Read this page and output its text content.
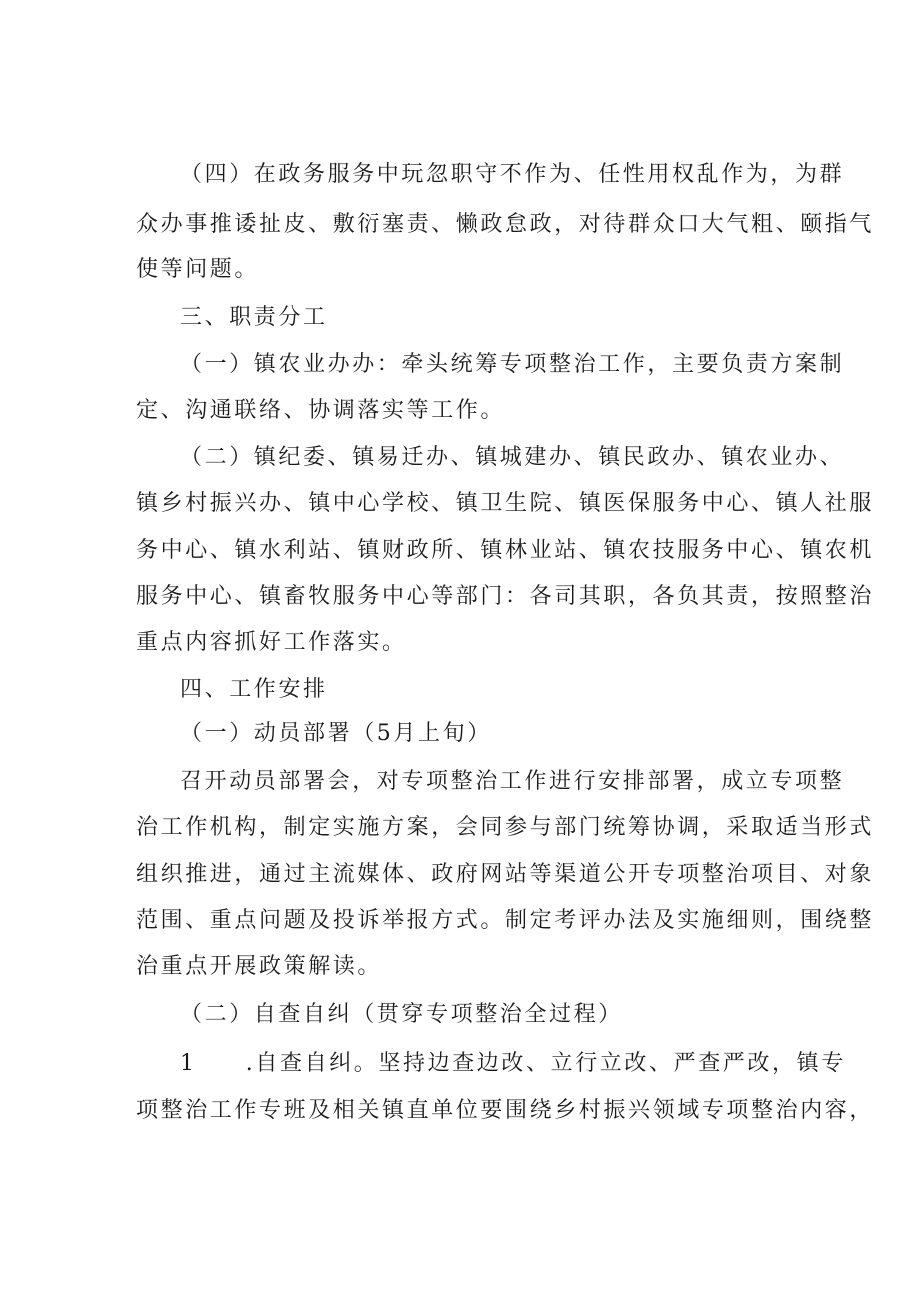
（四）在政务服务中玩忽职守不作为、任性用权乱作为，为群
众办事推诿扯皮、敷衍塞责、懒政怠政，对待群众口大气粗、颐指气
使等问题。
三、职责分工
（一）镇农业办办：牵头统筹专项整治工作，主要负责方案制
定、沟通联络、协调落实等工作。
（二）镇纪委、镇易迁办、镇城建办、镇民政办、镇农业办、
镇乡村振兴办、镇中心学校、镇卫生院、镇医保服务中心、镇人社服
务中心、镇水利站、镇财政所、镇林业站、镇农技服务中心、镇农机
服务中心、镇畜牧服务中心等部门：各司其职，各负其责，按照整治
重点内容抓好工作落实。
四、工作安排
（一）动员部署（5月上旬）
召开动员部署会，对专项整治工作进行安排部署，成立专项整
治工作机构，制定实施方案，会同参与部门统筹协调，采取适当形式
组织推进，通过主流媒体、政府网站等渠道公开专项整治项目、对象
范围、重点问题及投诉举报方式。制定考评办法及实施细则，围绕整
治重点开展政策解读。
（二）自查自纠（贯穿专项整治全过程）
1　　.自查自纠。坚持边查边改、立行立改、严查严改，镇专
项整治工作专班及相关镇直单位要围绕乡村振兴领域专项整治内容，
